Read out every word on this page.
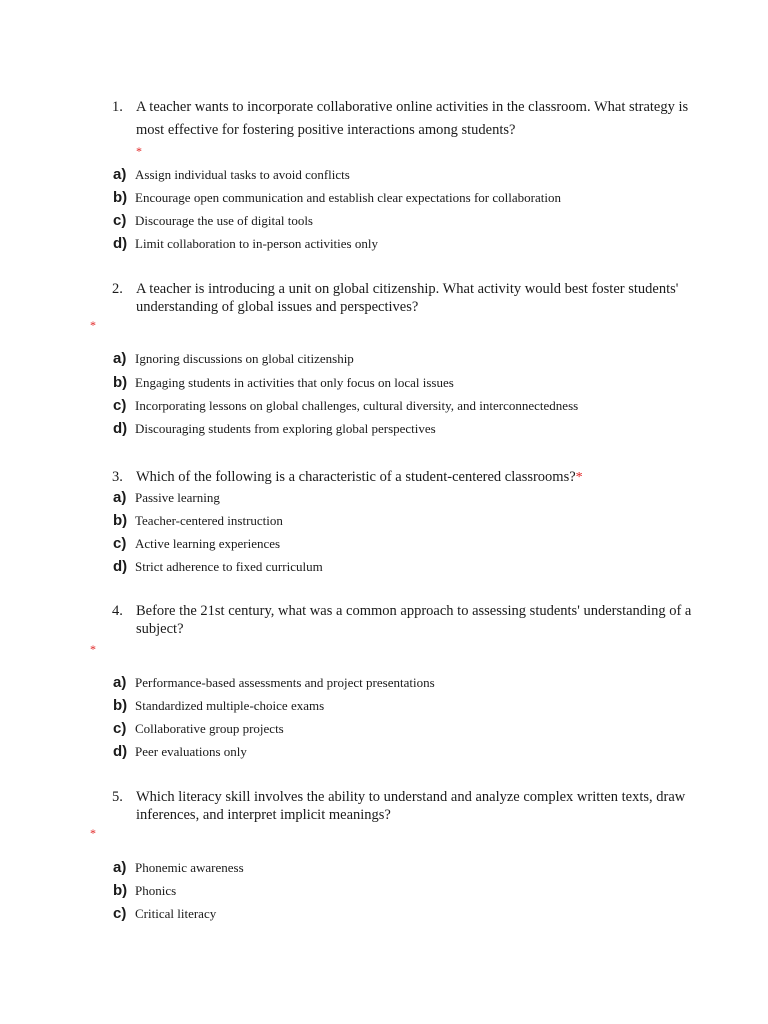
1. A teacher wants to incorporate collaborative online activities in the classroom. What strategy is most effective for fostering positive interactions among students?
*
a) Assign individual tasks to avoid conflicts
b) Encourage open communication and establish clear expectations for collaboration
c) Discourage the use of digital tools
d) Limit collaboration to in-person activities only
2. A teacher is introducing a unit on global citizenship. What activity would best foster students' understanding of global issues and perspectives?
*
a) Ignoring discussions on global citizenship
b) Engaging students in activities that only focus on local issues
c) Incorporating lessons on global challenges, cultural diversity, and interconnectedness
d) Discouraging students from exploring global perspectives
3. Which of the following is a characteristic of a student-centered classrooms?*
a) Passive learning
b) Teacher-centered instruction
c) Active learning experiences
d) Strict adherence to fixed curriculum
4. Before the 21st century, what was a common approach to assessing students' understanding of a subject?
*
a) Performance-based assessments and project presentations
b) Standardized multiple-choice exams
c) Collaborative group projects
d) Peer evaluations only
5. Which literacy skill involves the ability to understand and analyze complex written texts, draw inferences, and interpret implicit meanings?
*
a) Phonemic awareness
b) Phonics
c) Critical literacy
